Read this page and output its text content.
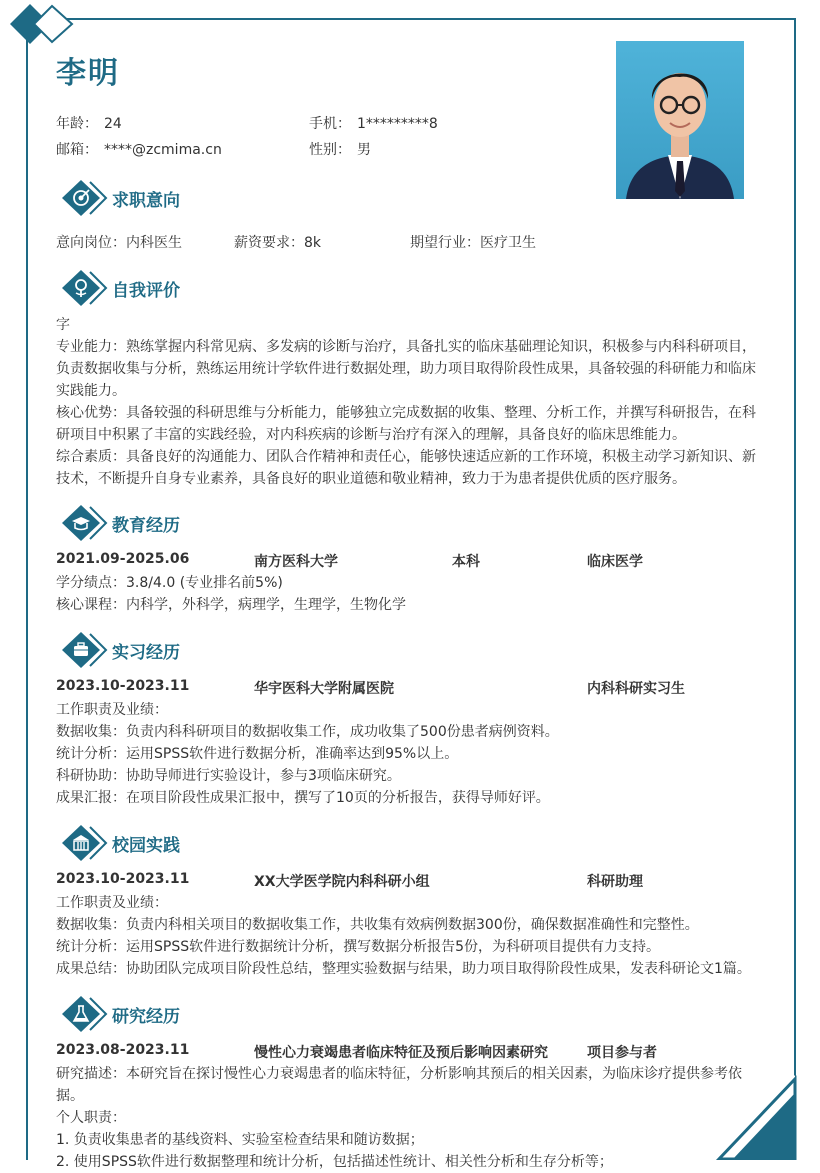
李明
年龄： 24	手机： 1*********8
邮箱： ****@zcmima.cn	性别： 男
求职意向
意向岗位：内科医生	薪资要求：8k	期望行业：医疗卫生
自我评价
字
专业能力：熟练掌握内科常见病、多发病的诊断与治疗，具备扎实的临床基础理论知识，积极参与内科科研项目，负责数据收集与分析，熟练运用统计学软件进行数据处理，助力项目取得阶段性成果，具备较强的科研能力和临床实践能力。
核心优势：具备较强的科研思维与分析能力，能够独立完成数据的收集、整理、分析工作，并撰写科研报告，在科研项目中积累了丰富的实践经验，对内科疾病的诊断与治疗有深入的理解，具备良好的临床思维能力。
综合素质：具备良好的沟通能力、团队合作精神和责任心，能够快速适应新的工作环境，积极主动学习新知识、新技术，不断提升自身专业素养，具备良好的职业道德和敬业精神，致力于为患者提供优质的医疗服务。
教育经历
2021.09-2025.06	南方医科大学	本科	临床医学
学分绩点：3.8/4.0 (专业排名前5%)
核心课程：内科学，外科学，病理学，生理学，生物化学
实习经历
2023.10-2023.11	华宇医科大学附属医院	内科科研实习生
工作职责及业绩：
数据收集：负责内科科研项目的数据收集工作，成功收集了500份患者病例资料。
统计分析：运用SPSS软件进行数据分析，准确率达到95%以上。
科研协助：协助导师进行实验设计，参与3项临床研究。
成果汇报：在项目阶段性成果汇报中，撰写了10页的分析报告，获得导师好评。
校园实践
2023.10-2023.11	XX大学医学院内科科研小组	科研助理
工作职责及业绩：
数据收集：负责内科相关项目的数据收集工作，共收集有效病例数据300份，确保数据准确性和完整性。
统计分析：运用SPSS软件进行数据统计分析，撰写数据分析报告5份，为科研项目提供有力支持。
成果总结：协助团队完成项目阶段性总结，整理实验数据与结果，助力项目取得阶段性成果，发表科研论文1篇。
研究经历
2023.08-2023.11	慢性心力衰竭患者临床特征及预后影响因素研究	项目参与者
研究描述：本研究旨在探讨慢性心力衰竭患者的临床特征，分析影响其预后的相关因素，为临床诊疗提供参考依据。
个人职责：
1. 负责收集患者的基线资料、实验室检查结果和随访数据；
2. 使用SPSS软件进行数据整理和统计分析，包括描述性统计、相关性分析和生存分析等；
